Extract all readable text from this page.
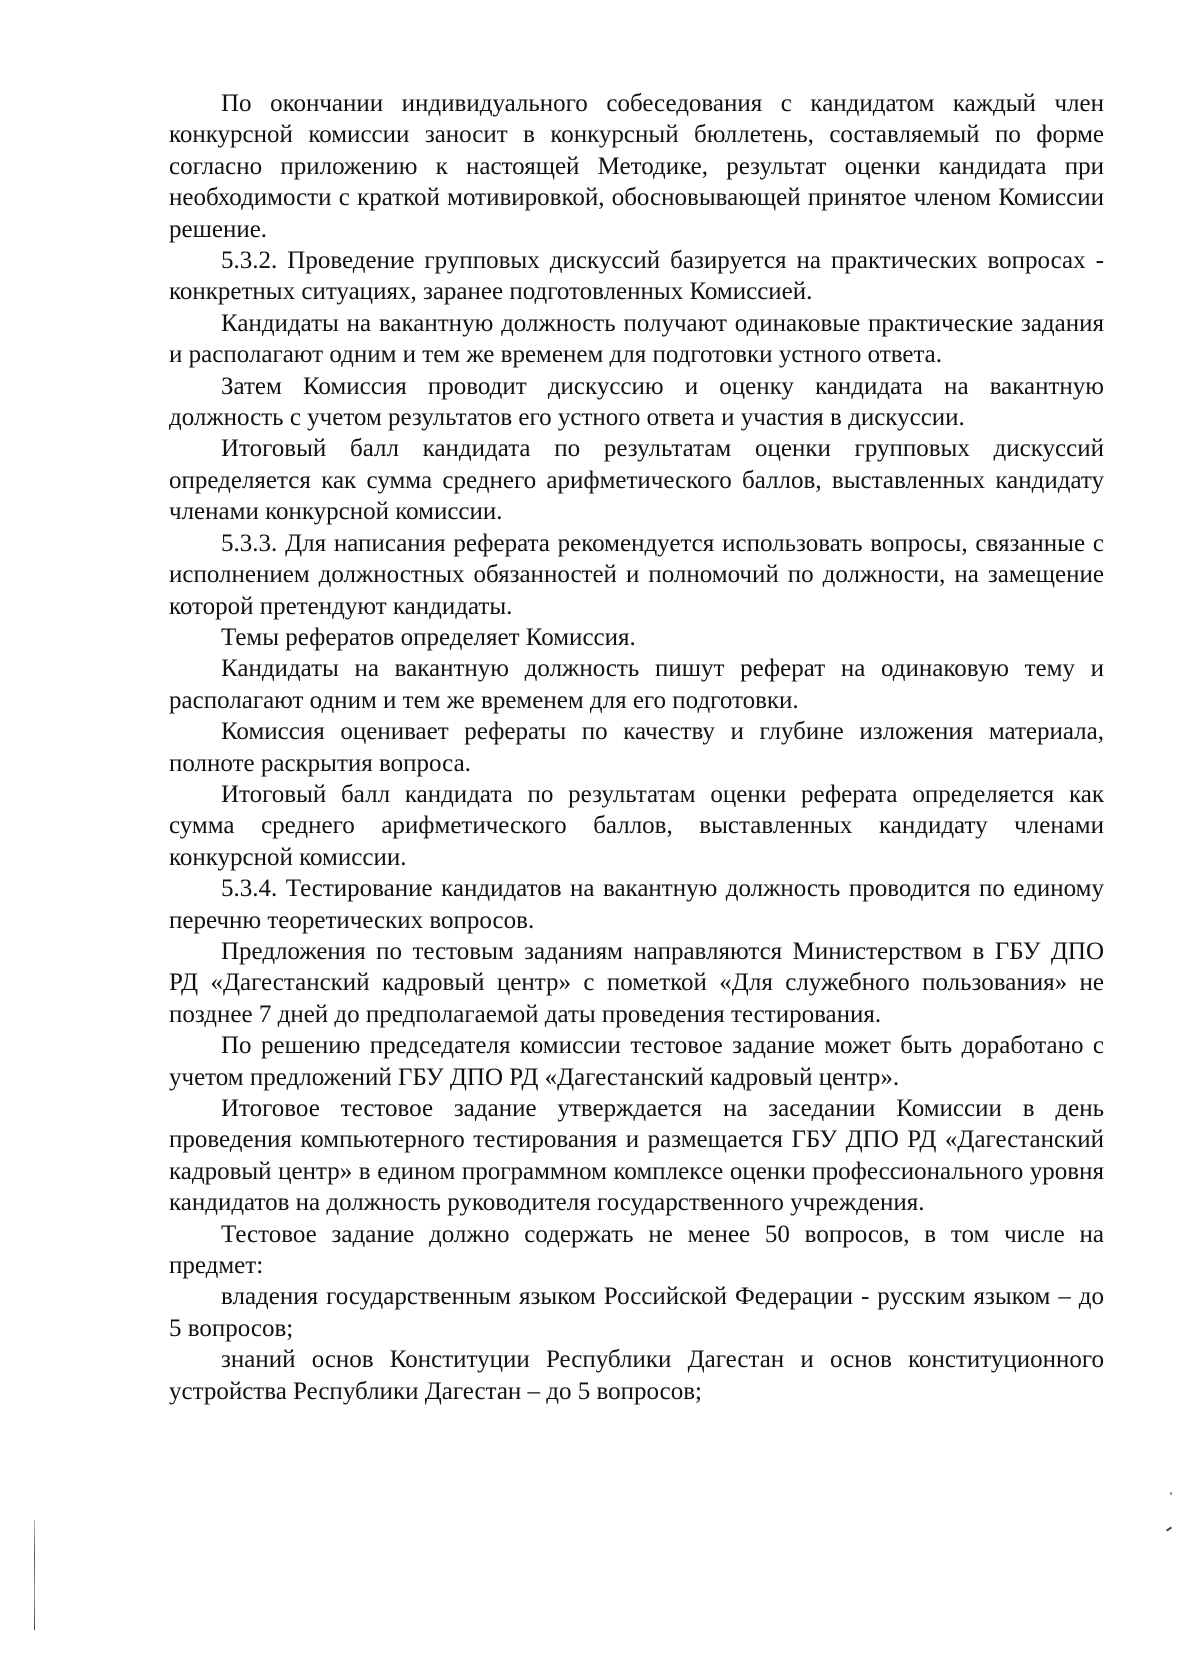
По окончании индивидуального собеседования с кандидатом каждый член конкурсной комиссии заносит в конкурсный бюллетень, составляемый по форме согласно приложению к настоящей Методике, результат оценки кандидата при необходимости с краткой мотивировкой, обосновывающей принятое членом Комиссии решение.

5.3.2. Проведение групповых дискуссий базируется на практических вопросах - конкретных ситуациях, заранее подготовленных Комиссией.

Кандидаты на вакантную должность получают одинаковые практические задания и располагают одним и тем же временем для подготовки устного ответа.

Затем Комиссия проводит дискуссию и оценку кандидата на вакантную должность с учетом результатов его устного ответа и участия в дискуссии.

Итоговый балл кандидата по результатам оценки групповых дискуссий определяется как сумма среднего арифметического баллов, выставленных кандидату членами конкурсной комиссии.

5.3.3. Для написания реферата рекомендуется использовать вопросы, связанные с исполнением должностных обязанностей и полномочий по должности, на замещение которой претендуют кандидаты.

Темы рефератов определяет Комиссия.

Кандидаты на вакантную должность пишут реферат на одинаковую тему и располагают одним и тем же временем для его подготовки.

Комиссия оценивает рефераты по качеству и глубине изложения материала, полноте раскрытия вопроса.

Итоговый балл кандидата по результатам оценки реферата определяется как сумма среднего арифметического баллов, выставленных кандидату членами конкурсной комиссии.

5.3.4. Тестирование кандидатов на вакантную должность проводится по единому перечню теоретических вопросов.

Предложения по тестовым заданиям направляются Министерством в ГБУ ДПО РД «Дагестанский кадровый центр» с пометкой «Для служебного пользования» не позднее 7 дней до предполагаемой даты проведения тестирования.

По решению председателя комиссии тестовое задание может быть доработано с учетом предложений ГБУ ДПО РД «Дагестанский кадровый центр».

Итоговое тестовое задание утверждается на заседании Комиссии в день проведения компьютерного тестирования и размещается ГБУ ДПО РД «Дагестанский кадровый центр» в едином программном комплексе оценки профессионального уровня кандидатов на должность руководителя государственного учреждения.

Тестовое задание должно содержать не менее 50 вопросов, в том числе на предмет:

владения государственным языком Российской Федерации - русским языком – до 5 вопросов;

знаний основ Конституции Республики Дагестан и основ конституционного устройства Республики Дагестан – до 5 вопросов;
